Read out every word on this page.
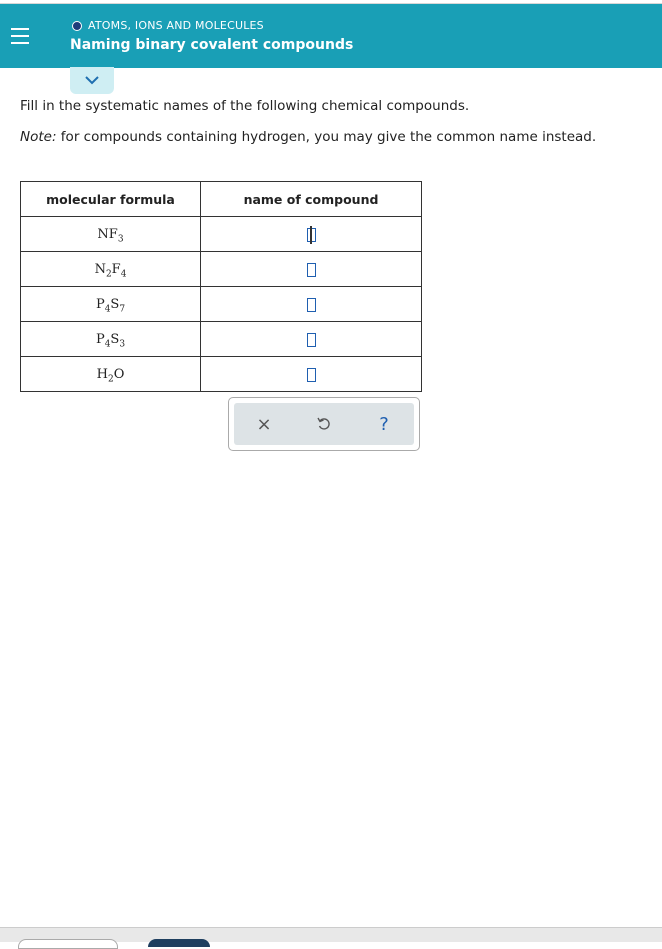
ATOMS, IONS AND MOLECULES
Naming binary covalent compounds
Fill in the systematic names of the following chemical compounds.
Note: for compounds containing hydrogen, you may give the common name instead.
molecular formula	name of compound
$NF_3$	
$N_2F_4$	
$P_4S_7$	
$P_4S_3$	
$H_2O$	
×	?
